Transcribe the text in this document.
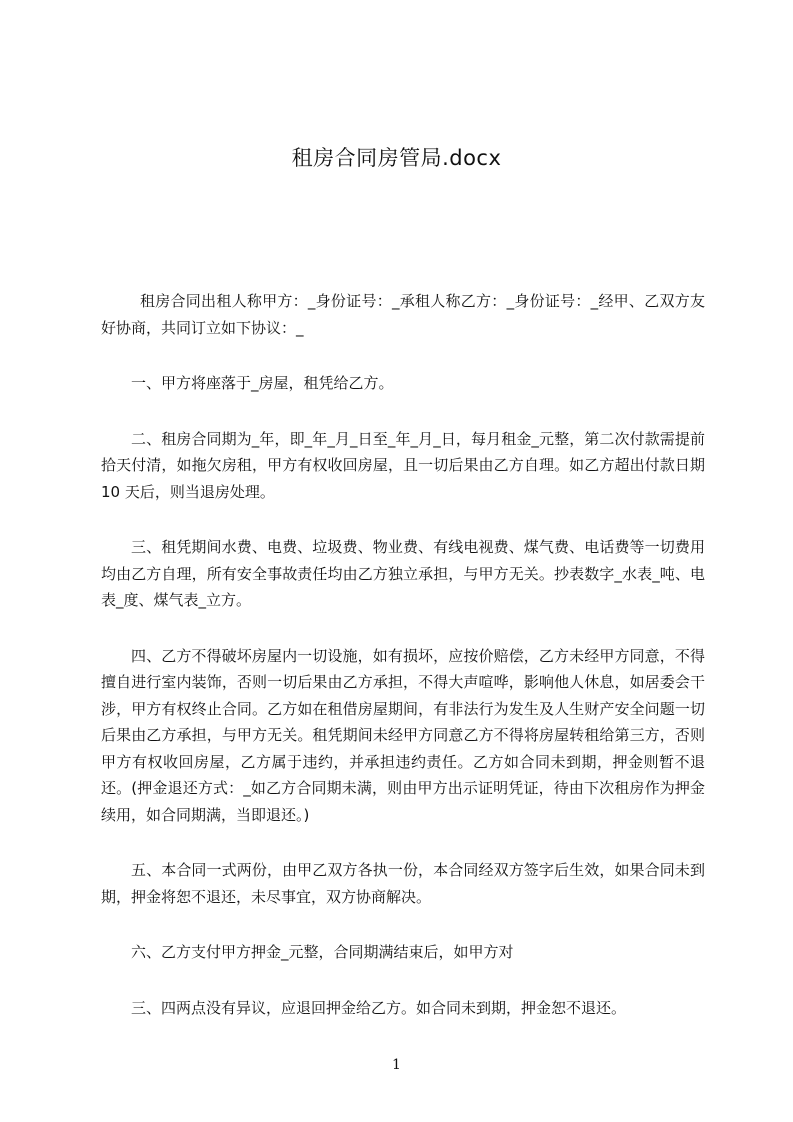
租房合同房管局.docx

租房合同出租人称甲方：_身份证号：_承租人称乙方：_身份证号：_经甲、乙双方友好协商，共同订立如下协议：_

一、甲方将座落于_房屋，租凭给乙方。

二、租房合同期为_年，即_年_月_日至_年_月_日，每月租金_元整，第二次付款需提前拾天付清，如拖欠房租，甲方有权收回房屋，且一切后果由乙方自理。如乙方超出付款日期 10 天后，则当退房处理。

三、租凭期间水费、电费、垃圾费、物业费、有线电视费、煤气费、电话费等一切费用均由乙方自理，所有安全事故责任均由乙方独立承担，与甲方无关。抄表数字_水表_吨、电表_度、煤气表_立方。

四、乙方不得破坏房屋内一切设施，如有损坏，应按价赔偿，乙方未经甲方同意，不得擅自进行室内装饰，否则一切后果由乙方承担，不得大声喧哗，影响他人休息，如居委会干涉，甲方有权终止合同。乙方如在租借房屋期间，有非法行为发生及人生财产安全问题一切后果由乙方承担，与甲方无关。租凭期间未经甲方同意乙方不得将房屋转租给第三方，否则甲方有权收回房屋，乙方属于违约，并承担违约责任。乙方如合同未到期，押金则暂不退还。(押金退还方式：_如乙方合同期未满，则由甲方出示证明凭证，待由下次租房作为押金续用，如合同期满，当即退还。)

五、本合同一式两份，由甲乙双方各执一份，本合同经双方签字后生效，如果合同未到期，押金将恕不退还，未尽事宜，双方协商解决。

六、乙方支付甲方押金_元整，合同期满结束后，如甲方对

三、四两点没有异议，应退回押金给乙方。如合同未到期，押金恕不退还。

1
